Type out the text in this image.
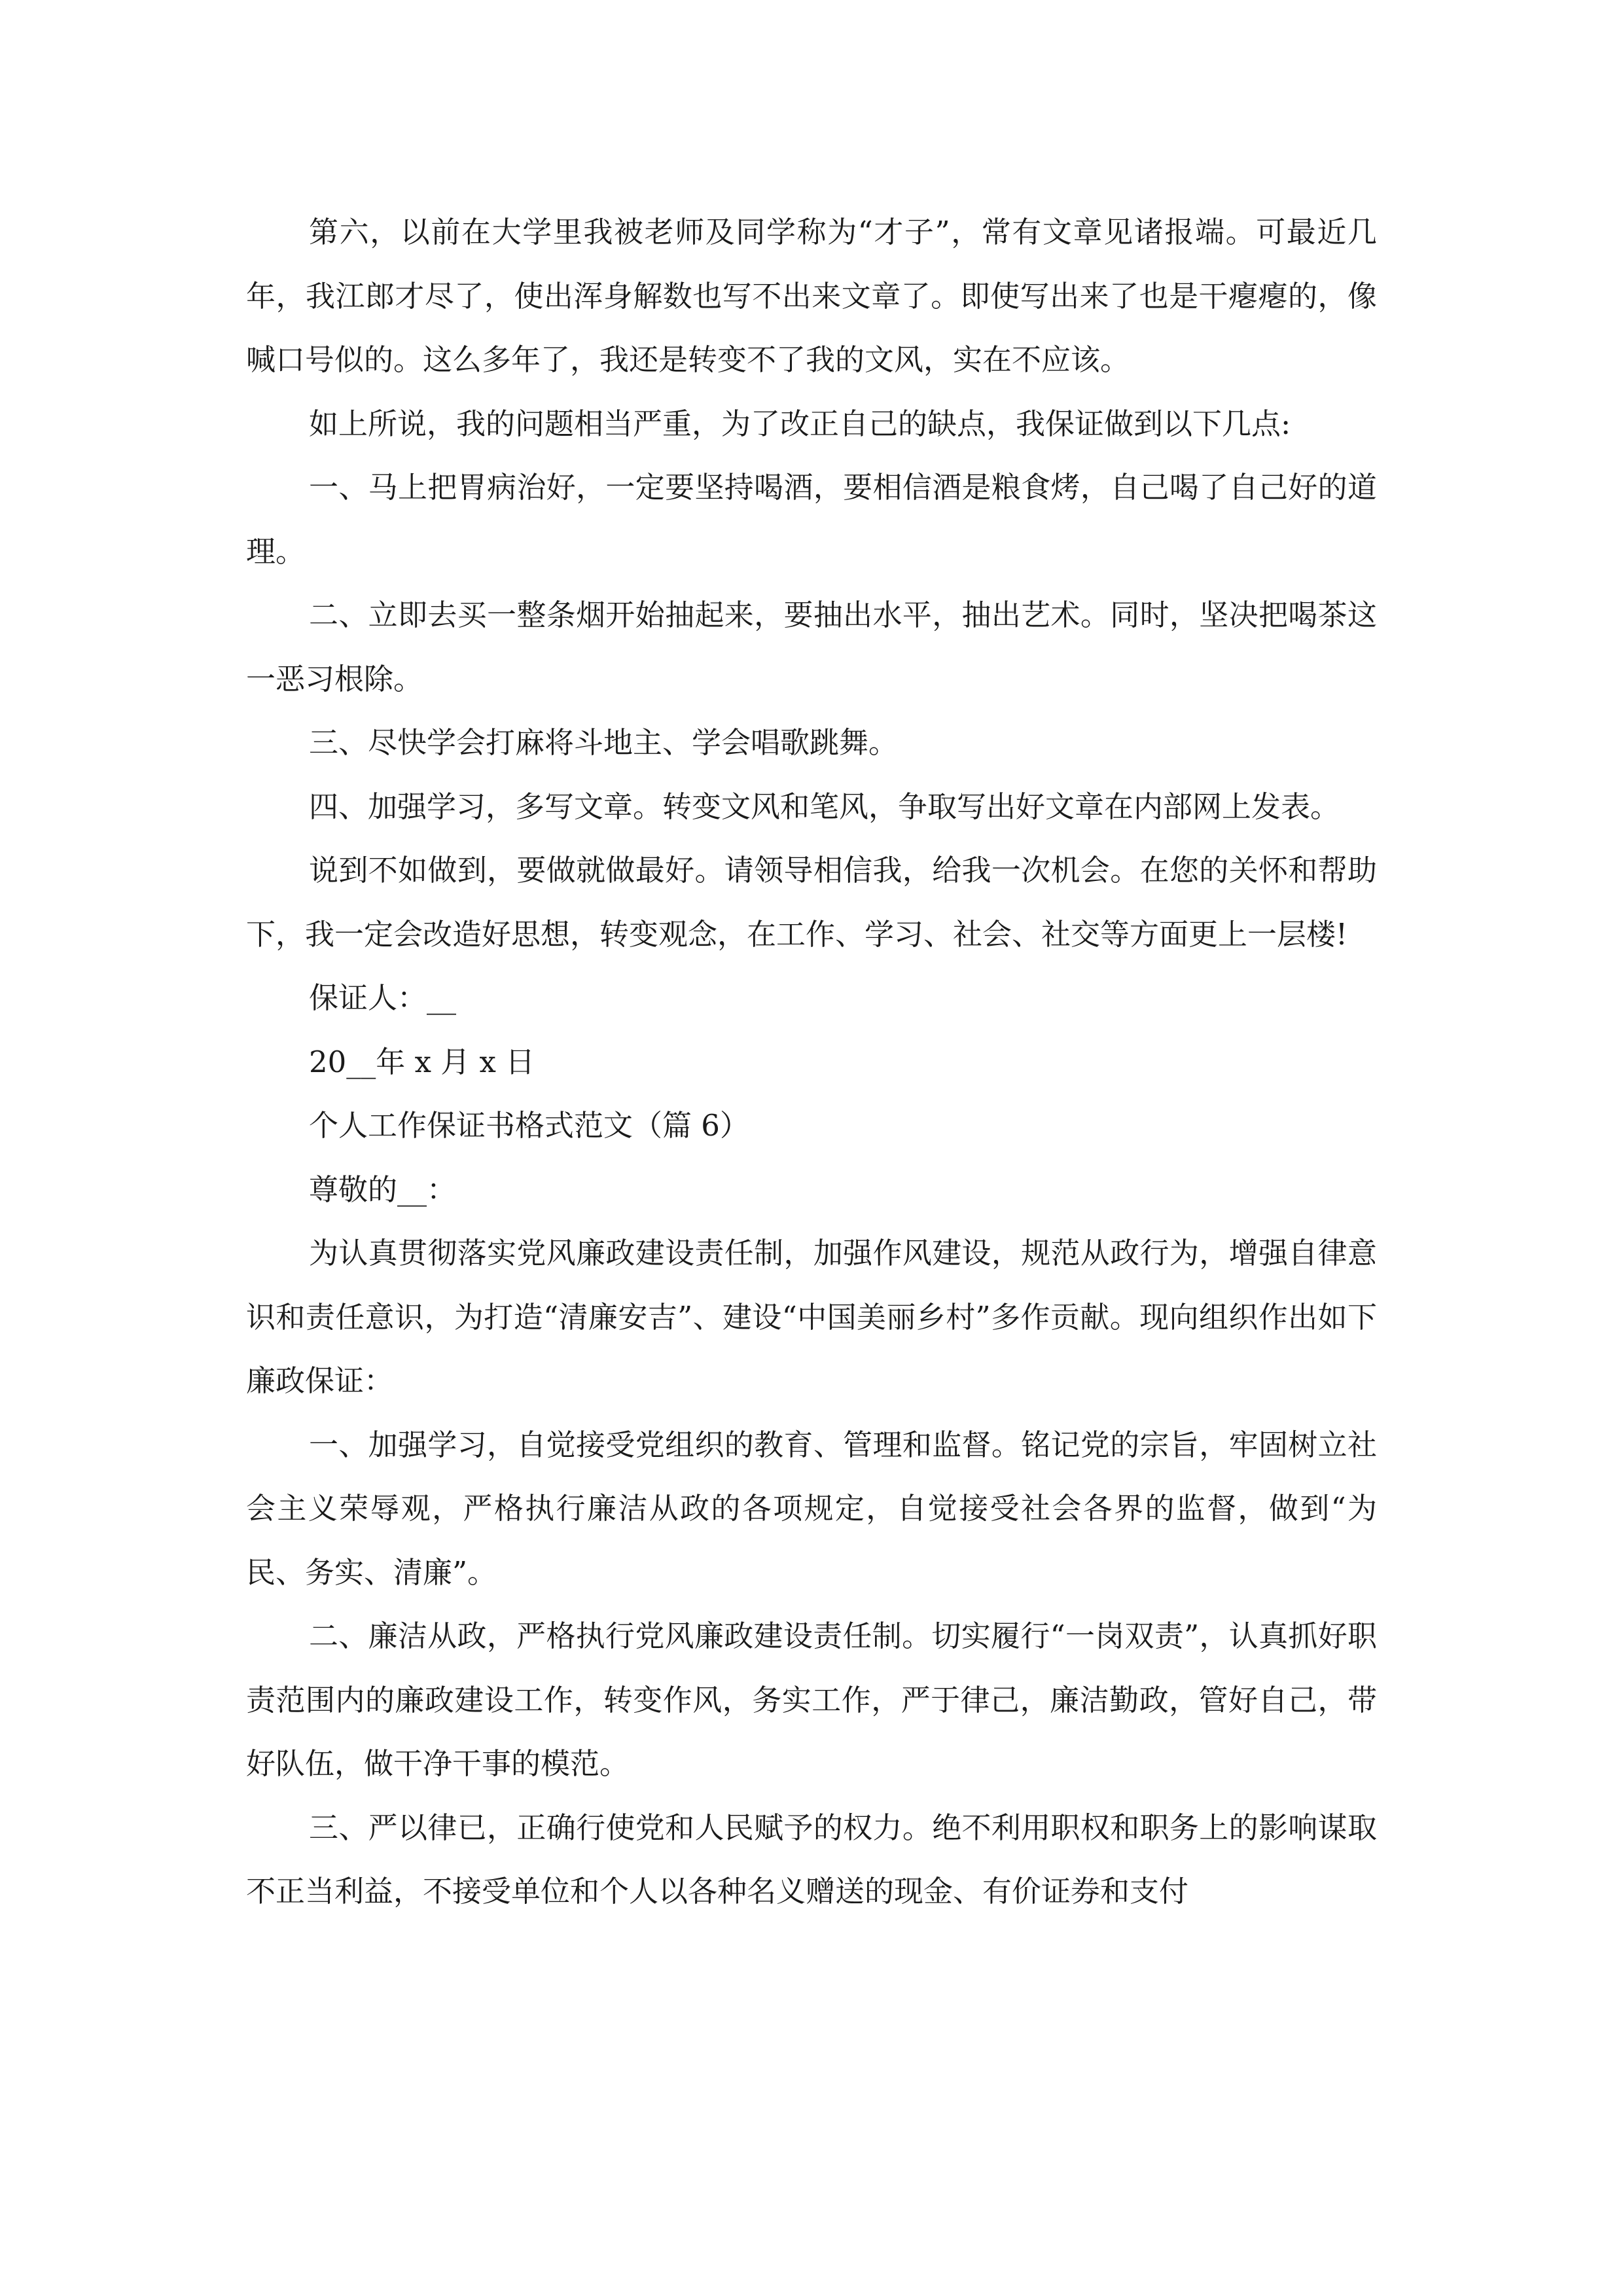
第六，以前在大学里我被老师及同学称为“才子”，常有文章见诸报端。可最近几年，我江郎才尽了，使出浑身解数也写不出来文章了。即使写出来了也是干瘪瘪的，像喊口号似的。这么多年了，我还是转变不了我的文风，实在不应该。

如上所说，我的问题相当严重，为了改正自己的缺点，我保证做到以下几点:

一、马上把胃病治好，一定要坚持喝酒，要相信酒是粮食烤，自己喝了自己好的道理。

二、立即去买一整条烟开始抽起来，要抽出水平，抽出艺术。同时，坚决把喝茶这一恶习根除。

三、尽快学会打麻将斗地主、学会唱歌跳舞。

四、加强学习，多写文章。转变文风和笔风，争取写出好文章在内部网上发表。

说到不如做到，要做就做最好。请领导相信我，给我一次机会。在您的关怀和帮助下，我一定会改造好思想，转变观念，在工作、学习、社会、社交等方面更上一层楼!

保证人：__

20__年 x 月 x 日

个人工作保证书格式范文（篇 6）

尊敬的__：

为认真贯彻落实党风廉政建设责任制，加强作风建设，规范从政行为，增强自律意识和责任意识，为打造“清廉安吉”、建设“中国美丽乡村”多作贡献。现向组织作出如下廉政保证：

一、加强学习，自觉接受党组织的教育、管理和监督。铭记党的宗旨，牢固树立社会主义荣辱观，严格执行廉洁从政的各项规定，自觉接受社会各界的监督，做到“为民、务实、清廉”。

二、廉洁从政，严格执行党风廉政建设责任制。切实履行“一岗双责”，认真抓好职责范围内的廉政建设工作，转变作风，务实工作，严于律己，廉洁勤政，管好自己，带好队伍，做干净干事的模范。

三、严以律已，正确行使党和人民赋予的权力。绝不利用职权和职务上的影响谋取不正当利益，不接受单位和个人以各种名义赠送的现金、有价证券和支付
